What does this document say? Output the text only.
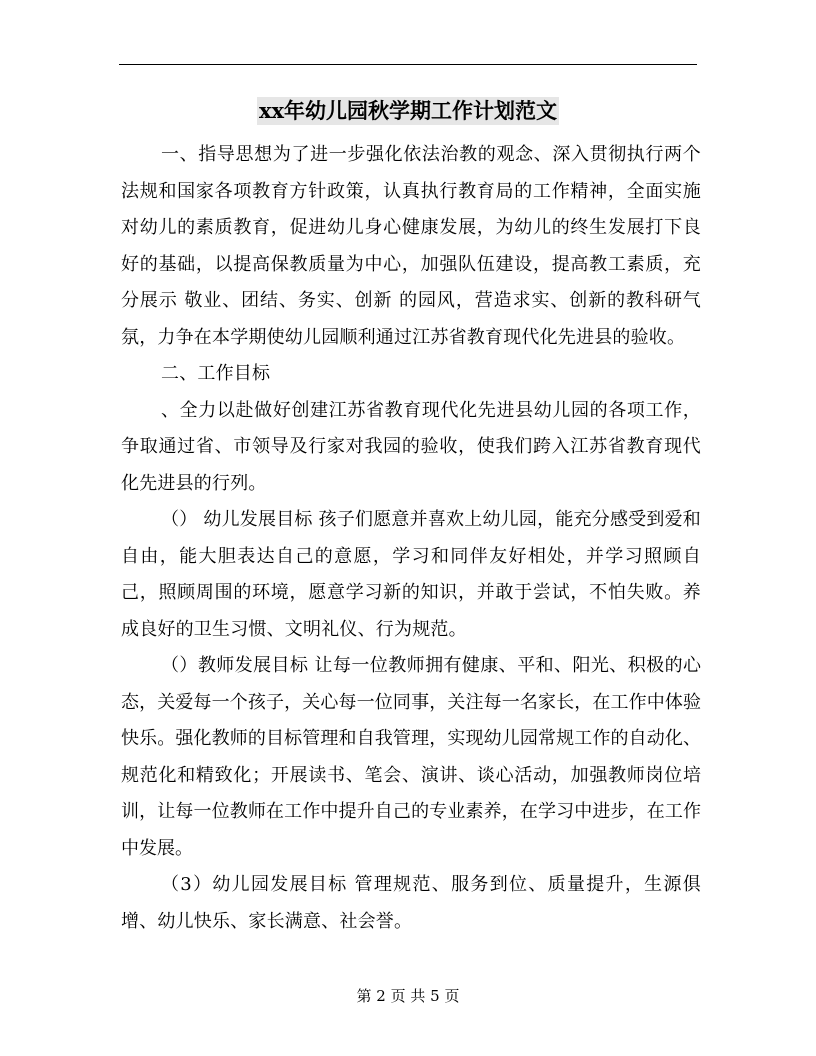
xx年幼儿园秋学期工作计划范文

一、指导思想为了进一步强化依法治教的观念、深入贯彻执行两个法规和国家各项教育方针政策，认真执行教育局的工作精神，全面实施对幼儿的素质教育，促进幼儿身心健康发展，为幼儿的终生发展打下良好的基础，以提高保教质量为中心，加强队伍建设，提高教工素质，充分展示 敬业、团结、务实、创新 的园风，营造求实、创新的教科研气氛，力争在本学期使幼儿园顺利通过江苏省教育现代化先进县的验收。

二、工作目标

、全力以赴做好创建江苏省教育现代化先进县幼儿园的各项工作，争取通过省、市领导及行家对我园的验收，使我们跨入江苏省教育现代化先进县的行列。

（） 幼儿发展目标 孩子们愿意并喜欢上幼儿园，能充分感受到爱和自由，能大胆表达自己的意愿，学习和同伴友好相处，并学习照顾自己，照顾周围的环境，愿意学习新的知识，并敢于尝试，不怕失败。养成良好的卫生习惯、文明礼仪、行为规范。

（）教师发展目标 让每一位教师拥有健康、平和、阳光、积极的心态，关爱每一个孩子，关心每一位同事，关注每一名家长，在工作中体验快乐。强化教师的目标管理和自我管理，实现幼儿园常规工作的自动化、规范化和精致化；开展读书、笔会、演讲、谈心活动，加强教师岗位培训，让每一位教师在工作中提升自己的专业素养，在学习中进步，在工作中发展。

（3）幼儿园发展目标 管理规范、服务到位、质量提升，生源俱增、幼儿快乐、家长满意、社会誉。

第 2 页 共 5 页
